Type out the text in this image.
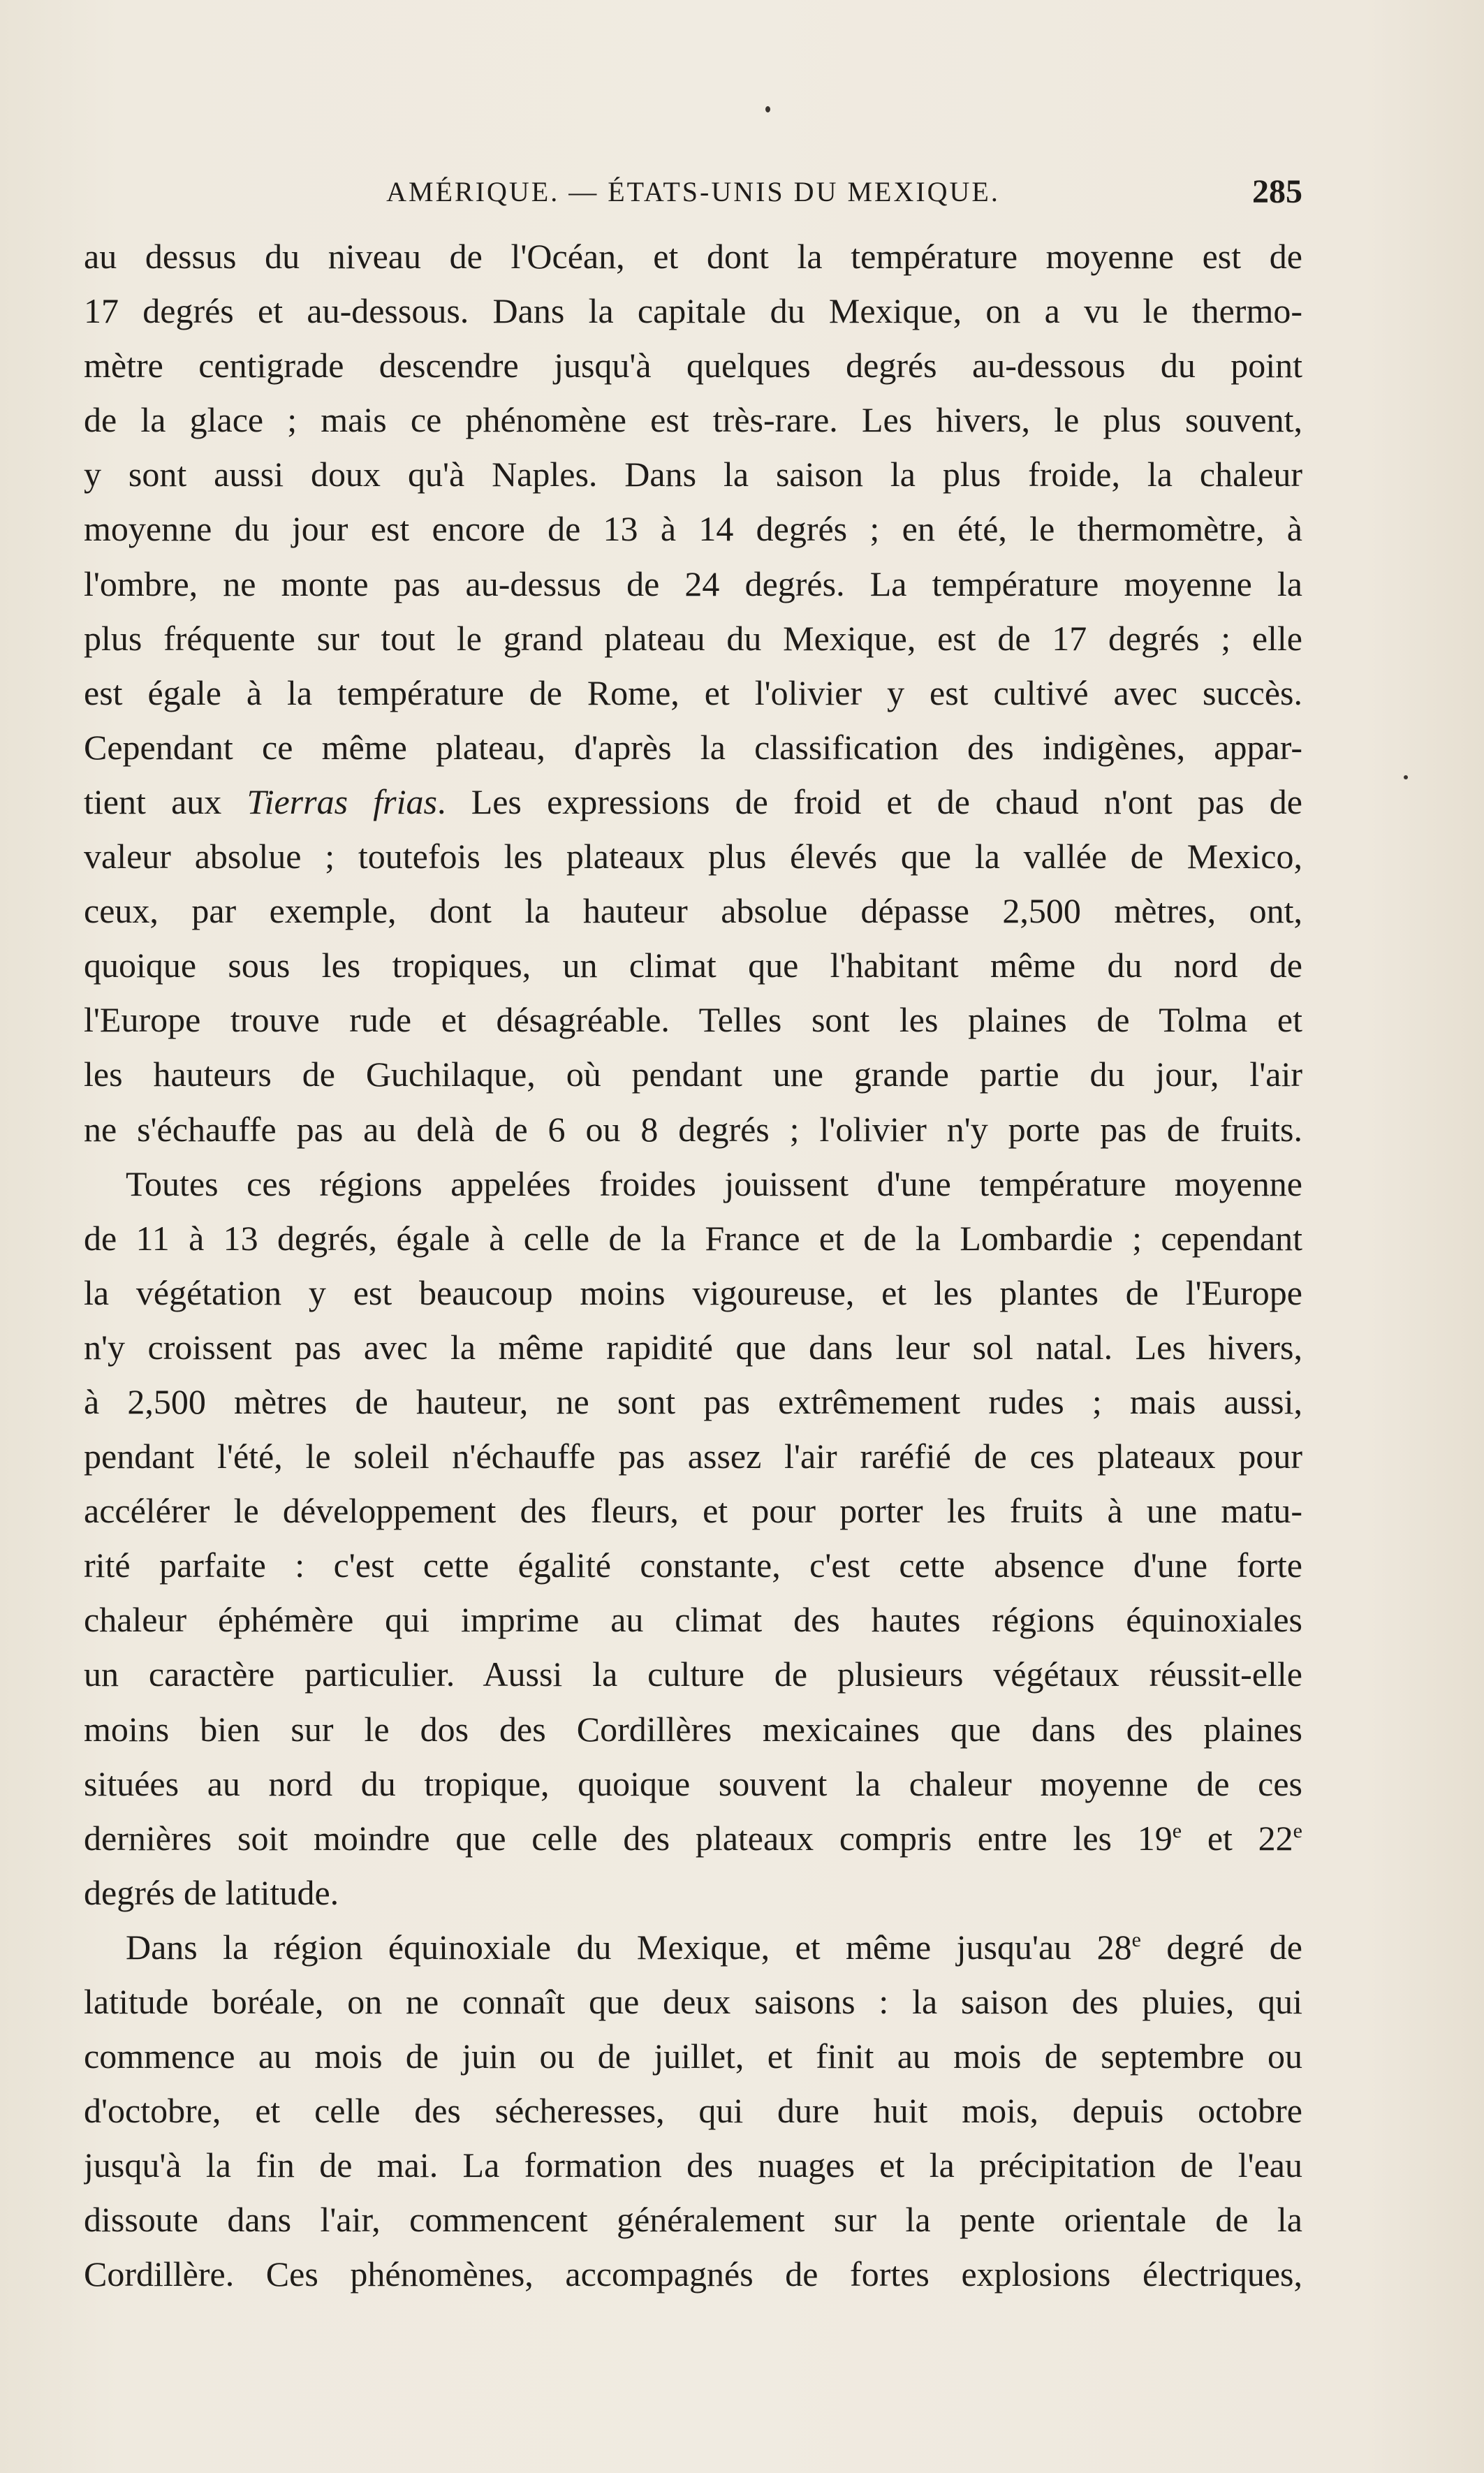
AMÉRIQUE. — ÉTATS-UNIS DU MEXIQUE.	285
au dessus du niveau de l'Océan, et dont la température moyenne est de
17 degrés et au-dessous. Dans la capitale du Mexique, on a vu le thermo-
mètre centigrade descendre jusqu'à quelques degrés au-dessous du point
de la glace ; mais ce phénomène est très-rare. Les hivers, le plus souvent,
y sont aussi doux qu'à Naples. Dans la saison la plus froide, la chaleur
moyenne du jour est encore de 13 à 14 degrés ; en été, le thermomètre, à
l'ombre, ne monte pas au-dessus de 24 degrés. La température moyenne la
plus fréquente sur tout le grand plateau du Mexique, est de 17 degrés ; elle
est égale à la température de Rome, et l'olivier y est cultivé avec succès.
Cependant ce même plateau, d'après la classification des indigènes, appar-
tient aux Tierras frias. Les expressions de froid et de chaud n'ont pas de
valeur absolue ; toutefois les plateaux plus élevés que la vallée de Mexico,
ceux, par exemple, dont la hauteur absolue dépasse 2,500 mètres, ont,
quoique sous les tropiques, un climat que l'habitant même du nord de
l'Europe trouve rude et désagréable. Telles sont les plaines de Tolma et
les hauteurs de Guchilaque, où pendant une grande partie du jour, l'air
ne s'échauffe pas au delà de 6 ou 8 degrés ; l'olivier n'y porte pas de fruits.
Toutes ces régions appelées froides jouissent d'une température moyenne
de 11 à 13 degrés, égale à celle de la France et de la Lombardie ; cependant
la végétation y est beaucoup moins vigoureuse, et les plantes de l'Europe
n'y croissent pas avec la même rapidité que dans leur sol natal. Les hivers,
à 2,500 mètres de hauteur, ne sont pas extrêmement rudes ; mais aussi,
pendant l'été, le soleil n'échauffe pas assez l'air raréfié de ces plateaux pour
accélérer le développement des fleurs, et pour porter les fruits à une matu-
rité parfaite : c'est cette égalité constante, c'est cette absence d'une forte
chaleur éphémère qui imprime au climat des hautes régions équinoxiales
un caractère particulier. Aussi la culture de plusieurs végétaux réussit-elle
moins bien sur le dos des Cordillères mexicaines que dans des plaines
situées au nord du tropique, quoique souvent la chaleur moyenne de ces
dernières soit moindre que celle des plateaux compris entre les 19e et 22e
degrés de latitude.
Dans la région équinoxiale du Mexique, et même jusqu'au 28e degré de
latitude boréale, on ne connaît que deux saisons : la saison des pluies, qui
commence au mois de juin ou de juillet, et finit au mois de septembre ou
d'octobre, et celle des sécheresses, qui dure huit mois, depuis octobre
jusqu'à la fin de mai. La formation des nuages et la précipitation de l'eau
dissoute dans l'air, commencent généralement sur la pente orientale de la
Cordillère. Ces phénomènes, accompagnés de fortes explosions électriques,
